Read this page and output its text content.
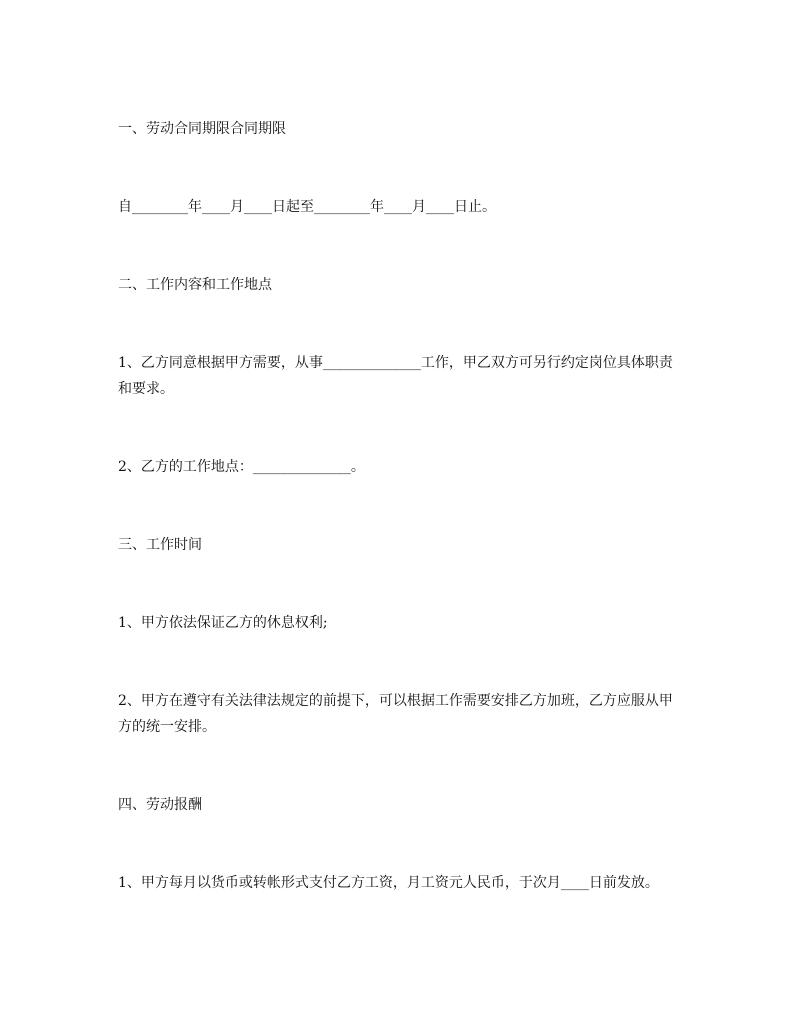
一、劳动合同期限合同期限
自________年____月____日起至________年____月____日止。
二、工作内容和工作地点
1、乙方同意根据甲方需要，从事______________工作，甲乙双方可另行约定岗位具体职责和要求。
2、乙方的工作地点：______________。
三、工作时间
1、甲方依法保证乙方的休息权利;
2、甲方在遵守有关法律法规定的前提下，可以根据工作需要安排乙方加班，乙方应服从甲方的统一安排。
四、劳动报酬
1、甲方每月以货币或转帐形式支付乙方工资，月工资元人民币，于次月____日前发放。
